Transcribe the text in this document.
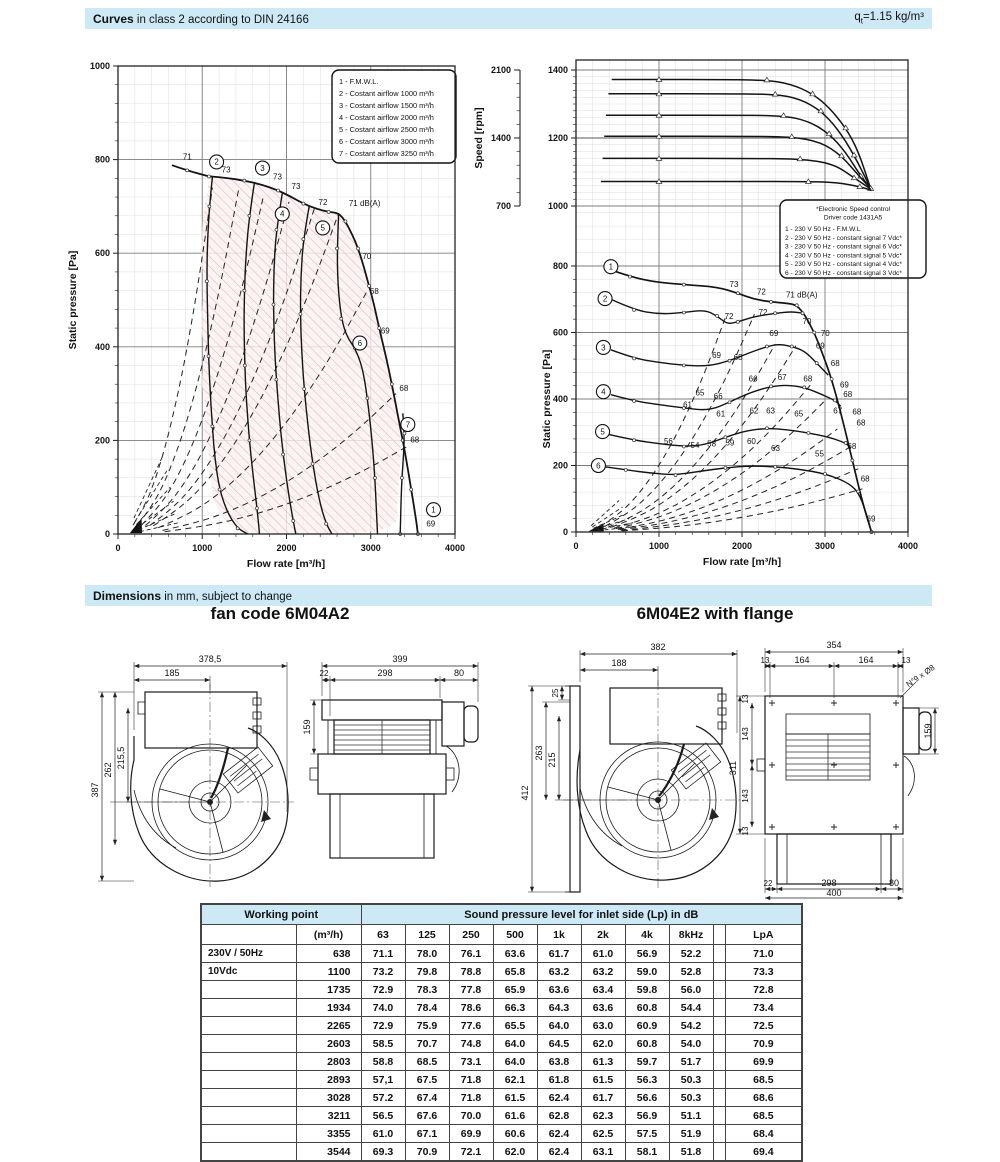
Curves in class 2 according to DIN 24166	$q_t=1.15$ kg/m³
71
73
73
73
72	71 dB(A)
70
68
69
68
68
69
1
2
3
4
5
6
7
1 - F.M.W.L.
2 - Costant airflow 1000 m³/h
3 - Costant airflow 1500 m³/h
4 - Costant airflow 2000 m³/h
5 - Costant airflow 2500 m³/h
6 - Costant airflow 3000 m³/h
7 - Costant airflow 3250 m³/h
0
200
400
600
800
1000
0	1000	2000	3000	4000
Flow rate [m³/h]
Static pressure [Pa]	73
72	71 dB(A)
72	72
70
69	70
69
69 68
68
66	67 68
69
68
65 66
61
61	62 63 65	67 68
68
56 54 58 59 60
63
55
68
68
69
1
2
3
4
5
6
*Electronic Speed control
Driver code 1431A5
1 - 230 V 50 Hz - F.M.W.L
2 - 230 V 50 Hz - constant signal 7 Vdc*
3 - 230 V 50 Hz - constant signal 6 Vdc*
4 - 230 V 50 Hz - constant signal 5 Vdc*
5 - 230 V 50 Hz - constant signal 4 Vdc*
6 - 230 V 50 Hz - constant signal 3 Vdc*
1000
1200
1400
0
200
400
600
800
0	1000	2000	3000	4000
Flow rate [m³/h]
2100
1400
700
Speed [rpm]
Static pressure [Pa]
Dimensions in mm, subject to change
fan code 6M04A2	6M04E2 with flange
378,5
185
387
262
215,5
399
22	298	80
159
382
188
25
412
263 215
354
13	164	164	13
N°9 x Ø8
311
143
143
13
13
159
22	298	80
400
Working point		Sound pressure level for inlet side (Lp) in dB									
	(m³/h)	63	125	250	500	1k	2k	4k	8kHz		LpA
230V / 50Hz	638	71.1	78.0	76.1	63.6	61.7	61.0	56.9	52.2		71.0
10Vdc	1100	73.2	79.8	78.8	65.8	63.2	63.2	59.0	52.8		73.3
	1735	72.9	78.3	77.8	65.9	63.6	63.4	59.8	56.0		72.8
	1934	74.0	78.4	78.6	66.3	64.3	63.6	60.8	54.4		73.4
	2265	72.9	75.9	77.6	65.5	64.0	63.0	60.9	54.2		72.5
	2603	58.5	70.7	74.8	64.0	64.5	62.0	60.8	54.0		70.9
	2803	58.8	68.5	73.1	64.0	63.8	61.3	59.7	51.7		69.9
	2893	57,1	67.5	71.8	62.1	61.8	61.5	56.3	50.3		68.5
	3028	57.2	67.4	71.8	61.5	62.4	61.7	56.6	50.3		68.6
	3211	56.5	67.6	70.0	61.6	62.8	62.3	56.9	51.1		68.5
	3355	61.0	67.1	69.9	60.6	62.4	62.5	57.5	51.9		68.4
	3544	69.3	70.9	72.1	62.0	62.4	63.1	58.1	51.8		69.4
